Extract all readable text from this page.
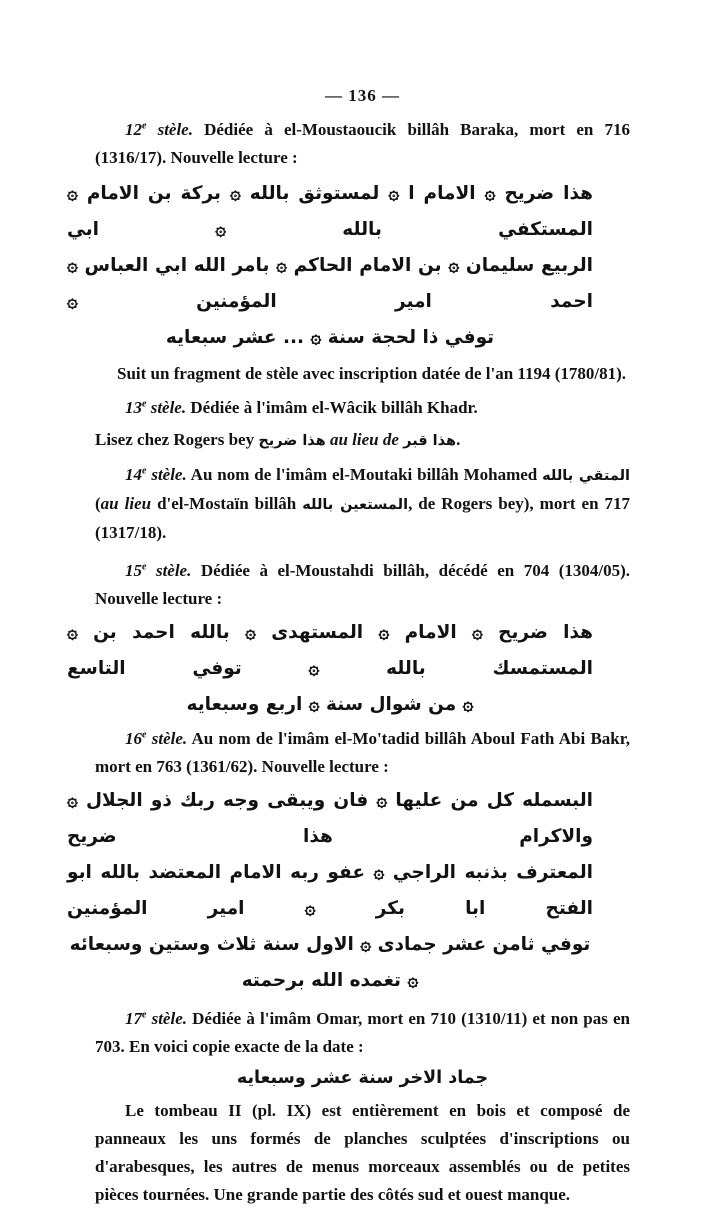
— 136 —

12e stèle. Dédiée à el-Moustaoucik billâh Baraka, mort en 716 (1316/17). Nouvelle lecture :

هذا ضريح ۞ الامام ا ۞ لمستوثق بالله ۞ بركة بن الامام ۞ المستكفي بالله ۞ ابي
الربيع سليمان ۞ بن الامام الحاكم ۞ بامر الله ابي العباس ۞ احمد امير المؤمنين ۞
توفي ذا لحجة سنة ۞ ... عشر سبعايه

Suit un fragment de stèle avec inscription datée de l'an 1194 (1780/81).

13e stèle. Dédiée à l'imâm el-Wâcik billâh Khadr.

Lisez chez Rogers bey هذا ضريح au lieu de هذا قبر.

14e stèle. Au nom de l'imâm el-Moutaki billâh Mohamed المتقي بالله (au lieu d'el-Mostaïn billâh المستعين بالله, de Rogers bey), mort en 717 (1317/18).

15e stèle. Dédiée à el-Moustahdi billâh, décédé en 704 (1304/05). Nouvelle lecture :

هذا ضريح ۞ الامام ۞ المستهدى ۞ بالله احمد بن ۞ المستمسك بالله ۞ توفي التاسع
۞ من شوال سنة ۞ اربع وسبعايه

16e stèle. Au nom de l'imâm el-Mo'tadid billâh Aboul Fath Abi Bakr, mort en 763 (1361/62). Nouvelle lecture :

البسمله كل من عليها ۞ فان ويبقى وجه ربك ذو الجلال ۞ والاكرام هذا ضريح
المعترف بذنبه الراجي ۞ عفو ربه الامام المعتضد بالله ابو الفتح ابا بكر ۞ امير المؤمنين
توفي ثامن عشر جمادى ۞ الاول سنة ثلاث وستين وسبعائه ۞ تغمده الله برحمته

17e stèle. Dédiée à l'imâm Omar, mort en 710 (1310/11) et non pas en 703. En voici copie exacte de la date :

جماد الاخر سنة عشر وسبعايه

Le tombeau II (pl. IX) est entièrement en bois et composé de panneaux les uns formés de planches sculptées d'inscriptions ou d'arabesques, les autres de menus morceaux assemblés ou de petites pièces tournées. Une grande partie des côtés sud et ouest manque.
